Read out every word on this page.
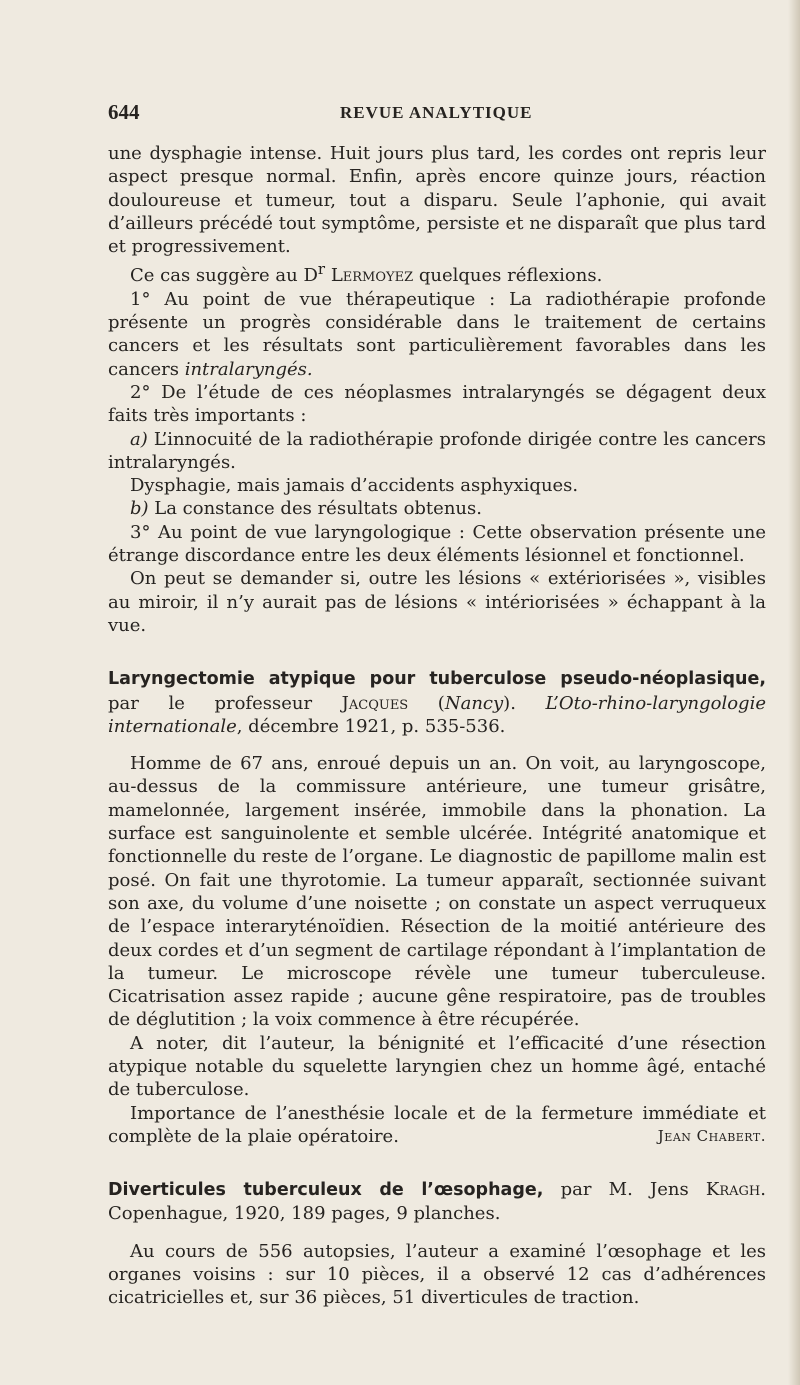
644	REVUE ANALYTIQUE

une dysphagie intense. Huit jours plus tard, les cordes ont repris leur aspect presque normal. Enfin, après encore quinze jours, réaction douloureuse et tumeur, tout a disparu. Seule l’aphonie, qui avait d’ailleurs précédé tout symptôme, persiste et ne disparaît que plus tard et progressivement.

Ce cas suggère au $D^r$ Lermoyez quelques réflexions.

1° Au point de vue thérapeutique : La radiothérapie profonde présente un progrès considérable dans le traitement de certains cancers et les résultats sont particulièrement favorables dans les cancers intralaryngés.

2° De l’étude de ces néoplasmes intralaryngés se dégagent deux faits très importants :

a) L’innocuité de la radiothérapie profonde dirigée contre les cancers intralaryngés.

Dysphagie, mais jamais d’accidents asphyxiques.

b) La constance des résultats obtenus.

3° Au point de vue laryngologique : Cette observation présente une étrange discordance entre les deux éléments lésionnel et fonctionnel.

On peut se demander si, outre les lésions « extériorisées », visibles au miroir, il n’y aurait pas de lésions « intériorisées » échappant à la vue.

Laryngectomie atypique pour tuberculose pseudo-néoplasique, par le professeur Jacques (Nancy). L’Oto-rhino-laryngologie internationale, décembre 1921, p. 535-536.

Homme de 67 ans, enroué depuis un an. On voit, au laryngoscope, au-dessus de la commissure antérieure, une tumeur grisâtre, mamelonnée, largement insérée, immobile dans la phonation. La surface est sanguinolente et semble ulcérée. Intégrité anatomique et fonctionnelle du reste de l’organe. Le diagnostic de papillome malin est posé. On fait une thyrotomie. La tumeur apparaît, sectionnée suivant son axe, du volume d’une noisette ; on constate un aspect verruqueux de l’espace interaryténoïdien. Résection de la moitié antérieure des deux cordes et d’un segment de cartilage répondant à l’implantation de la tumeur. Le microscope révèle une tumeur tuberculeuse. Cicatrisation assez rapide ; aucune gêne respiratoire, pas de troubles de déglutition ; la voix commence à être récupérée.

A noter, dit l’auteur, la bénignité et l’efficacité d’une résection atypique notable du squelette laryngien chez un homme âgé, entaché de tuberculose.

Importance de l’anesthésie locale et de la fermeture immédiate et complète de la plaie opératoire.	Jean Chabert.

Diverticules tuberculeux de l’œsophage, par M. Jens Kragh. Copenhague, 1920, 189 pages, 9 planches.

Au cours de 556 autopsies, l’auteur a examiné l’œsophage et les organes voisins : sur 10 pièces, il a observé 12 cas d’adhérences cicatricielles et, sur 36 pièces, 51 diverticules de traction.
